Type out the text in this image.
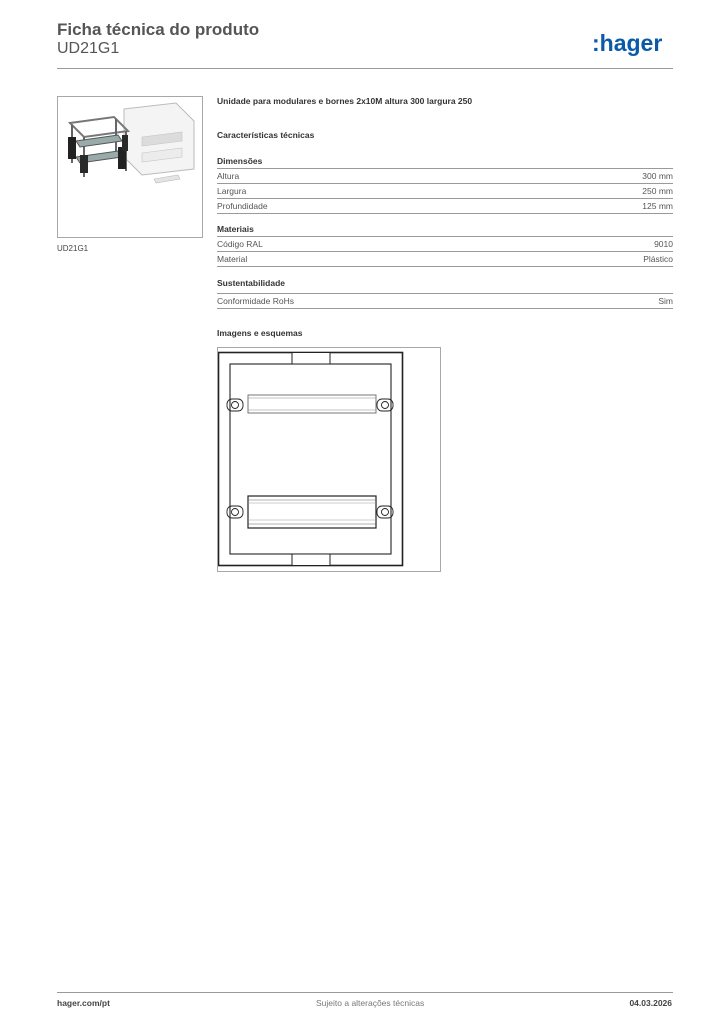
Ficha técnica do produto
UD21G1	:hager
UD21G1
Unidade para modulares e bornes 2x10M altura 300 largura 250
Características técnicas
Dimensões
Altura	300 mm
Largura	250 mm
Profundidade	125 mm
Materiais
Código RAL	9010
Material	Plástico
Sustentabilidade
Conformidade RoHs	Sim
Imagens e esquemas
hager.com/pt	Sujeito a alterações técnicas	04.03.2026
